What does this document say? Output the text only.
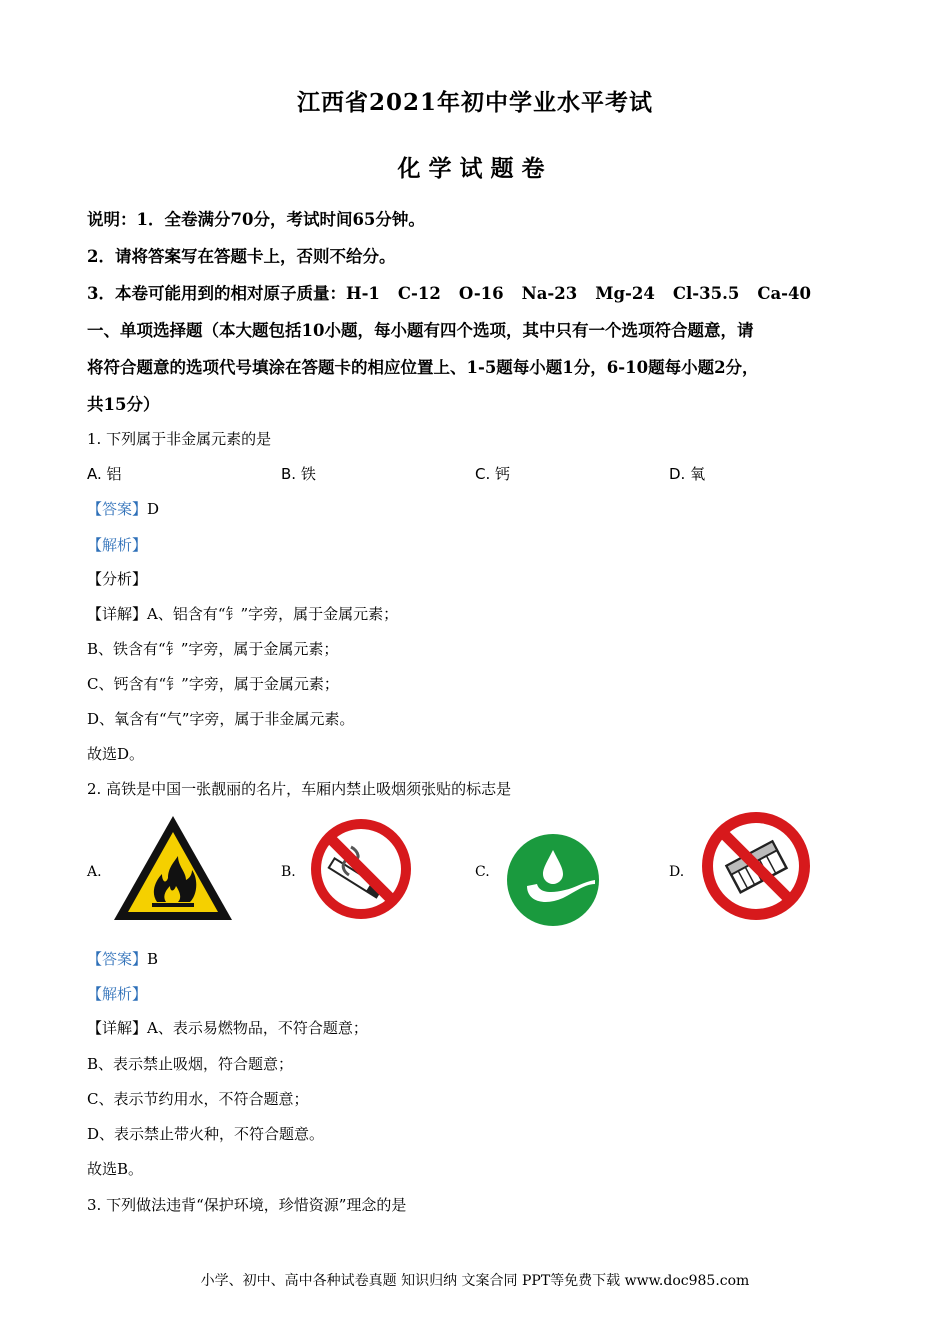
江西省2021年初中学业水平考试
化学试题卷
说明：1．全卷满分70分，考试时间65分钟。
2．请将答案写在答题卡上，否则不给分。
3．本卷可能用到的相对原子质量：H-1 C-12 O-16 Na-23 Mg-24 Cl-35.5 Ca-40
一、单项选择题（本大题包括10小题，每小题有四个选项，其中只有一个选项符合题意，请
将符合题意的选项代号填涂在答题卡的相应位置上、1-5题每小题1分，6-10题每小题2分，
共15分）
1. 下列属于非金属元素的是
A. 铝	B. 铁	C. 钙	D. 氧
【答案】D
【解析】
【分析】
【详解】A、铝含有“钅”字旁，属于金属元素；
B、铁含有“钅”字旁，属于金属元素；
C、钙含有“钅”字旁，属于金属元素；
D、氧含有“气”字旁，属于非金属元素。
故选D。
2. 高铁是中国一张靓丽的名片，车厢内禁止吸烟须张贴的标志是
A.	B.	C.	D.
【答案】B
【解析】
【详解】A、表示易燃物品，不符合题意；
B、表示禁止吸烟，符合题意；
C、表示节约用水，不符合题意；
D、表示禁止带火种，不符合题意。
故选B。
3. 下列做法违背“保护环境，珍惜资源”理念的是
小学、初中、高中各种试卷真题 知识归纳 文案合同 PPT等免费下载 www.doc985.com
